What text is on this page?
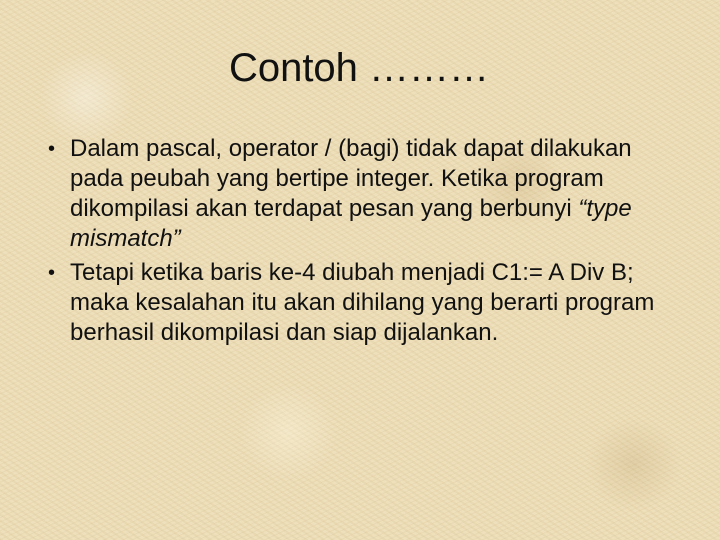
Contoh ………
• Dalam pascal, operator / (bagi) tidak dapat dilakukan pada peubah yang bertipe integer. Ketika program dikompilasi akan terdapat pesan yang berbunyi “type mismatch”
• Tetapi ketika baris ke-4 diubah menjadi C1:= A Div B; maka kesalahan itu akan dihilang yang berarti program berhasil dikompilasi dan siap dijalankan.
